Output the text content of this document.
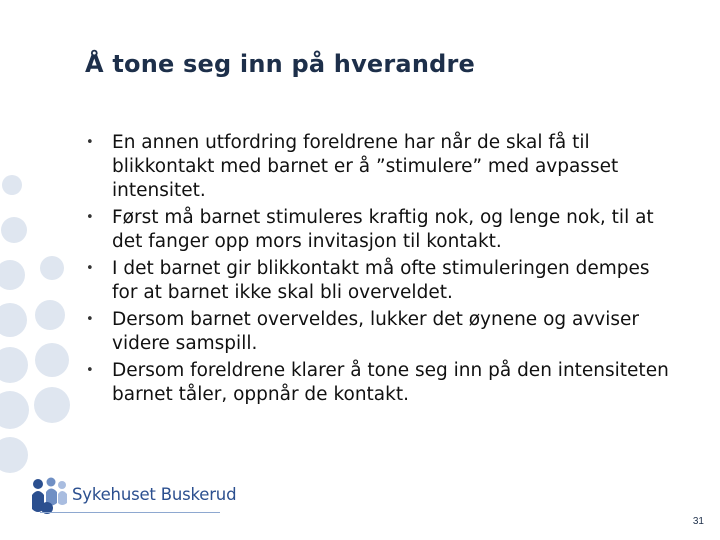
Å tone seg inn på hverandre
• En annen utfordring foreldrene har når de skal få til blikkontakt med barnet er å ”stimulere” med avpasset intensitet.
• Først må barnet stimuleres kraftig nok, og lenge nok, til at det fanger opp mors invitasjon til kontakt.
• I det barnet gir blikkontakt må ofte stimuleringen dempes for at barnet ikke skal bli overveldet.
• Dersom barnet overveldes, lukker det øynene og avviser videre samspill.
• Dersom foreldrene klarer å tone seg inn på den intensiteten barnet tåler, oppnår de kontakt.
Sykehuset Buskerud
31
